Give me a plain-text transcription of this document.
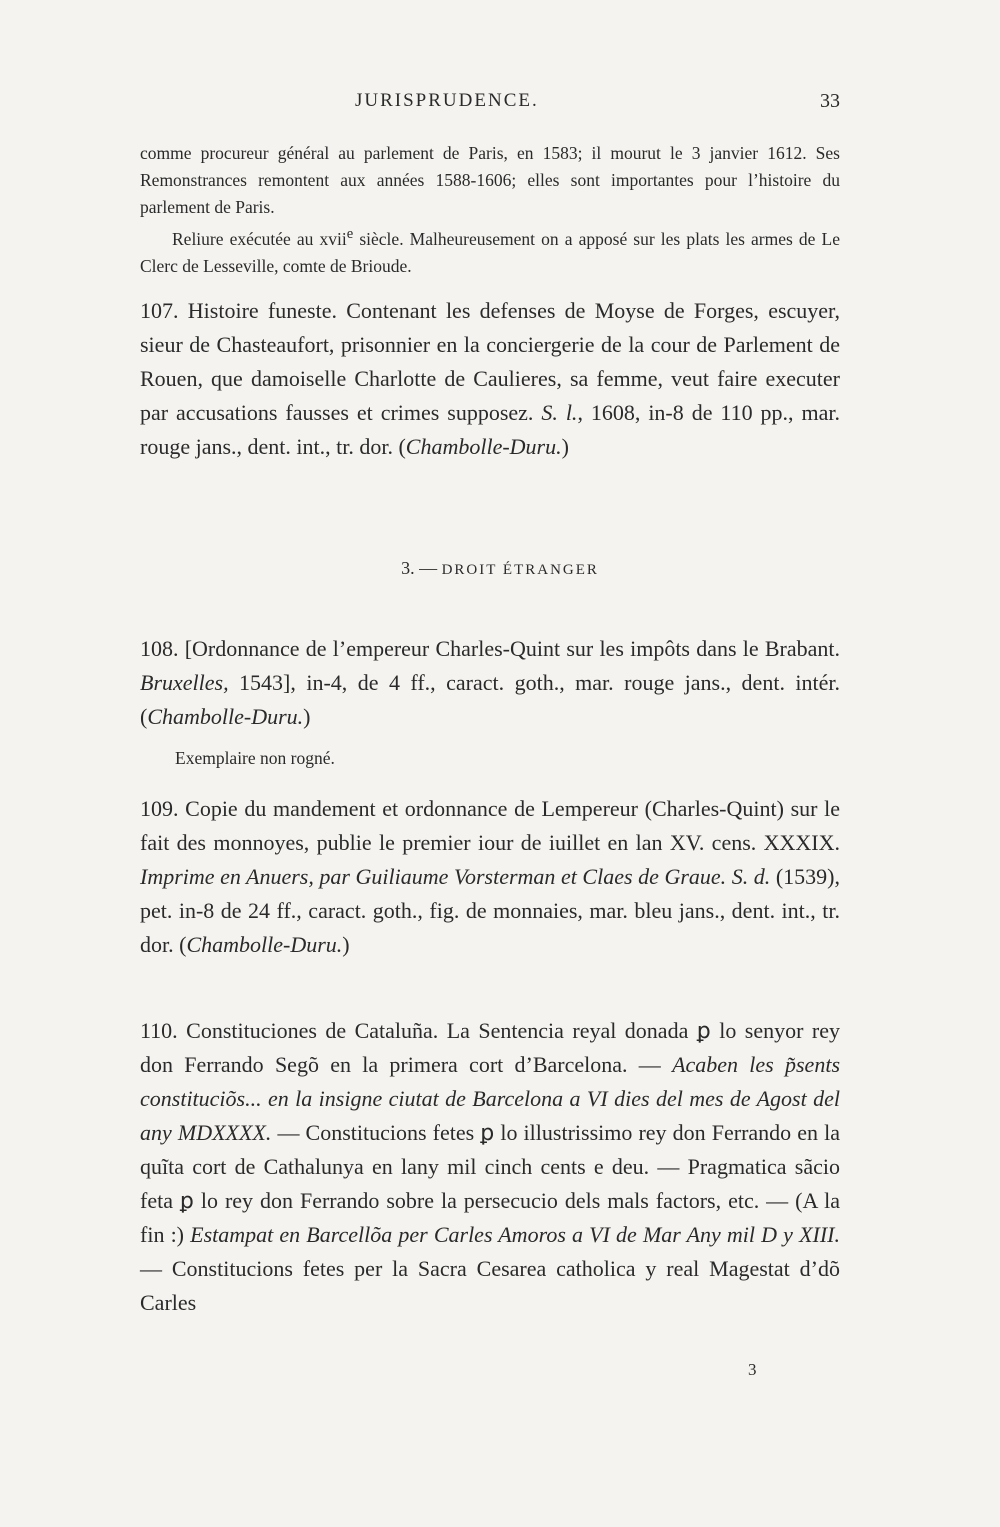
JURISPRUDENCE.	33

comme procureur général au parlement de Paris, en 1583; il mourut le 3 janvier 1612. Ses Remonstrances remontent aux années 1588-1606; elles sont importantes pour l’histoire du parlement de Paris.

Reliure exécutée au xvii$^e$ siècle. Malheureusement on a apposé sur les plats les armes de Le Clerc de Lesseville, comte de Brioude.

107. Histoire funeste. Contenant les defenses de Moyse de Forges, escuyer, sieur de Chasteaufort, prisonnier en la conciergerie de la cour de Parlement de Rouen, que damoiselle Charlotte de Caulieres, sa femme, veut faire executer par accusations fausses et crimes supposez. S. l., 1608, in-8 de 110 pp., mar. rouge jans., dent. int., tr. dor. (Chambolle-Duru.)

3. — DROIT ÉTRANGER

108. [Ordonnance de l’empereur Charles-Quint sur les impôts dans le Brabant. Bruxelles, 1543], in-4, de 4 ff., caract. goth., mar. rouge jans., dent. intér. (Chambolle-Duru.)

Exemplaire non rogné.

109. Copie du mandement et ordonnance de Lempereur (Charles-Quint) sur le fait des monnoyes, publie le premier iour de iuillet en lan XV. cens. XXXIX. Imprime en Anuers, par Guiliaume Vorsterman et Claes de Graue. S. d. (1539), pet. in-8 de 24 ff., caract. goth., fig. de monnaies, mar. bleu jans., dent. int., tr. dor. (Chambolle-Duru.)

110. Constituciones de Cataluña. La Sentencia reyal donada ꝑ lo senyor rey don Ferrando Segõ en la primera cort d’Barcelona. — Acaben les p̃sents constituciõs... en la insigne ciutat de Barcelona a VI dies del mes de Agost del any MDXXXX. — Constitucions fetes ꝑ lo illustrissimo rey don Ferrando en la quĩta cort de Cathalunya en lany mil cinch cents e deu. — Pragmatica sãcio feta ꝑ lo rey don Ferrando sobre la persecucio dels mals factors, etc. — (A la fin :) Estampat en Barcellõa per Carles Amoros a VI de Mar Any mil D y XIII. — Constitucions fetes per la Sacra Cesarea catholica y real Magestat d’dõ Carles

3
